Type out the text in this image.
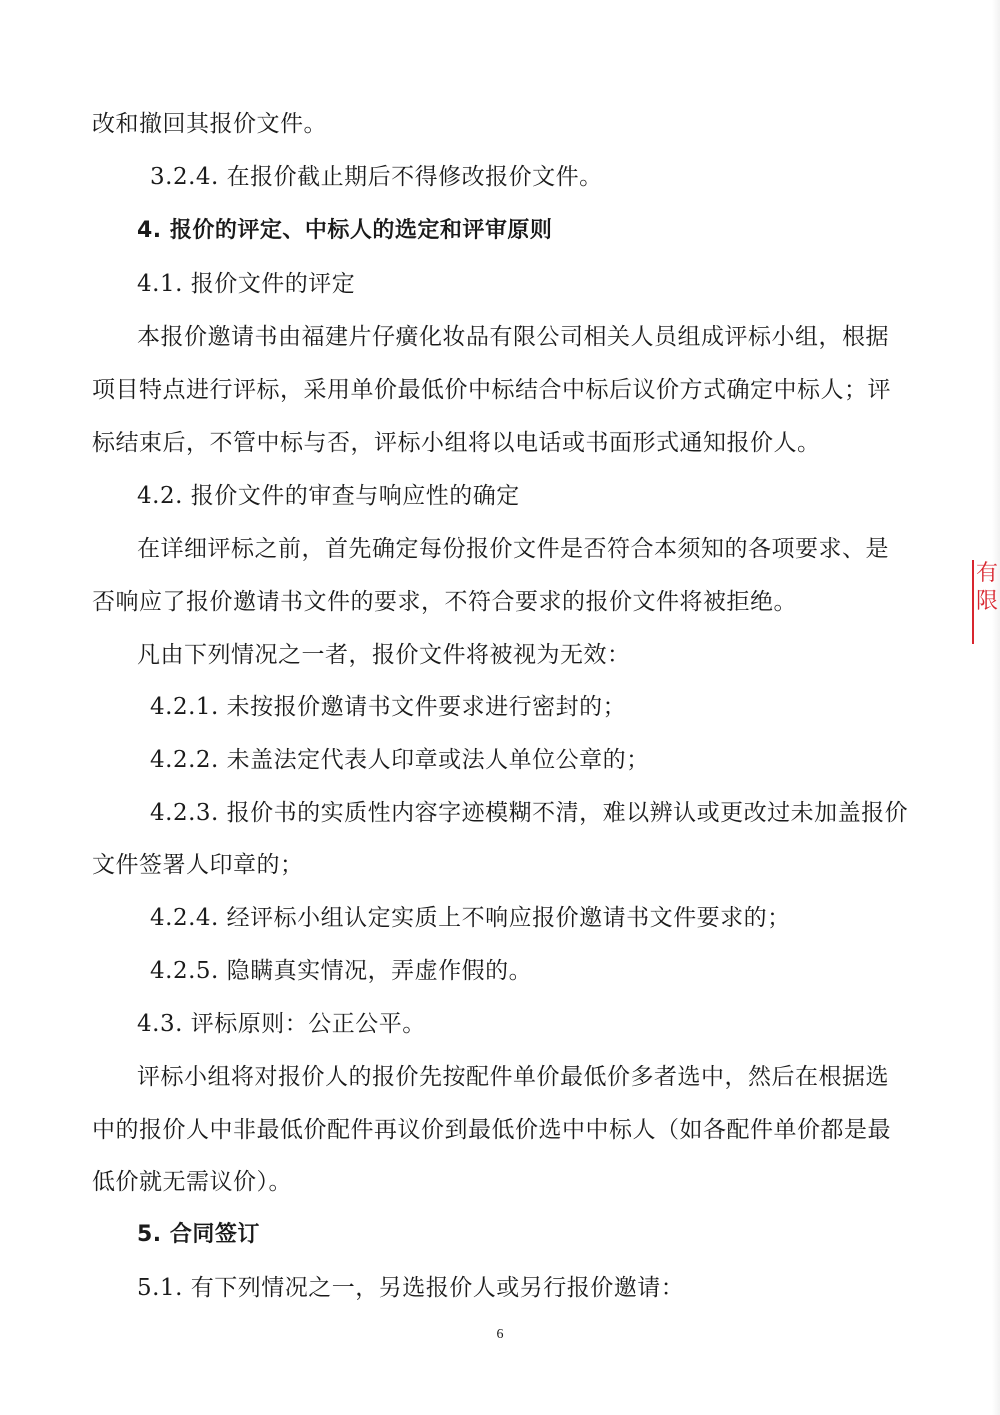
改和撤回其报价文件。
3.2.4. 在报价截止期后不得修改报价文件。
4. 报价的评定、中标人的选定和评审原则
4.1. 报价文件的评定
本报价邀请书由福建片仔癀化妆品有限公司相关人员组成评标小组，根据
项目特点进行评标，采用单价最低价中标结合中标后议价方式确定中标人；评
标结束后，不管中标与否，评标小组将以电话或书面形式通知报价人。
4.2. 报价文件的审查与响应性的确定
在详细评标之前，首先确定每份报价文件是否符合本须知的各项要求、是
否响应了报价邀请书文件的要求，不符合要求的报价文件将被拒绝。
凡由下列情况之一者，报价文件将被视为无效：
4.2.1. 未按报价邀请书文件要求进行密封的；
4.2.2. 未盖法定代表人印章或法人单位公章的；
4.2.3. 报价书的实质性内容字迹模糊不清，难以辨认或更改过未加盖报价
文件签署人印章的；
4.2.4. 经评标小组认定实质上不响应报价邀请书文件要求的；
4.2.5. 隐瞒真实情况，弄虚作假的。
4.3. 评标原则：公正公平。
评标小组将对报价人的报价先按配件单价最低价多者选中，然后在根据选
中的报价人中非最低价配件再议价到最低价选中中标人（如各配件单价都是最
低价就无需议价）。
5. 合同签订
5.1. 有下列情况之一，另选报价人或另行报价邀请：
6
有
限
